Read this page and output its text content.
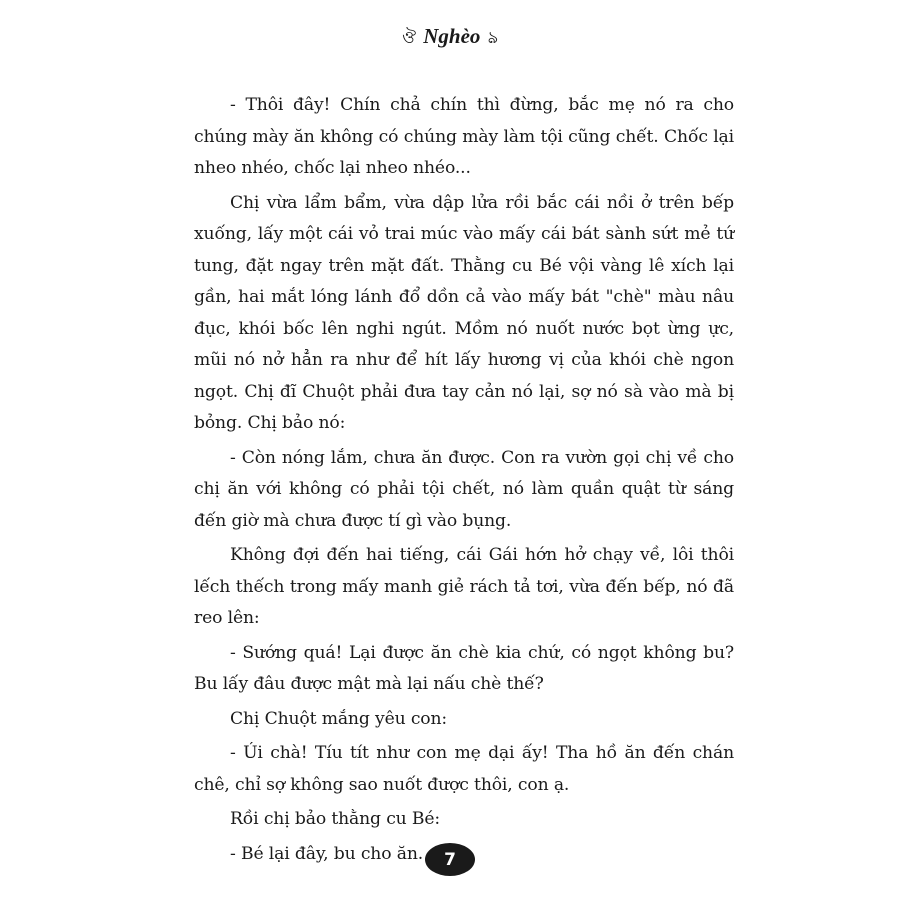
ঔ Nghèo ঌ

- Thôi đây! Chín chả chín thì đừng, bắc mẹ nó ra cho chúng mày ăn không có chúng mày làm tội cũng chết. Chốc lại nheo nhéo, chốc lại nheo nhéo...

Chị vừa lẩm bẩm, vừa dập lửa rồi bắc cái nồi ở trên bếp xuống, lấy một cái vỏ trai múc vào mấy cái bát sành sứt mẻ tứ tung, đặt ngay trên mặt đất. Thằng cu Bé vội vàng lê xích lại gần, hai mắt lóng lánh đổ dồn cả vào mấy bát "chè" màu nâu đục, khói bốc lên nghi ngút. Mồm nó nuốt nước bọt ừng ực, mũi nó nở hẳn ra như để hít lấy hương vị của khói chè ngon ngọt. Chị đĩ Chuột phải đưa tay cản nó lại, sợ nó sà vào mà bị bỏng. Chị bảo nó:

- Còn nóng lắm, chưa ăn được. Con ra vườn gọi chị về cho chị ăn với không có phải tội chết, nó làm quần quật từ sáng đến giờ mà chưa được tí gì vào bụng.

Không đợi đến hai tiếng, cái Gái hớn hở chạy về, lôi thôi lếch thếch trong mấy manh giẻ rách tả tơi, vừa đến bếp, nó đã reo lên:

- Sướng quá! Lại được ăn chè kia chứ, có ngọt không bu? Bu lấy đâu được mật mà lại nấu chè thế?

Chị Chuột mắng yêu con:

- Úi chà! Tíu tít như con mẹ dại ấy! Tha hồ ăn đến chán chê, chỉ sợ không sao nuốt được thôi, con ạ.

Rồi chị bảo thằng cu Bé:

- Bé lại đây, bu cho ăn.	7
